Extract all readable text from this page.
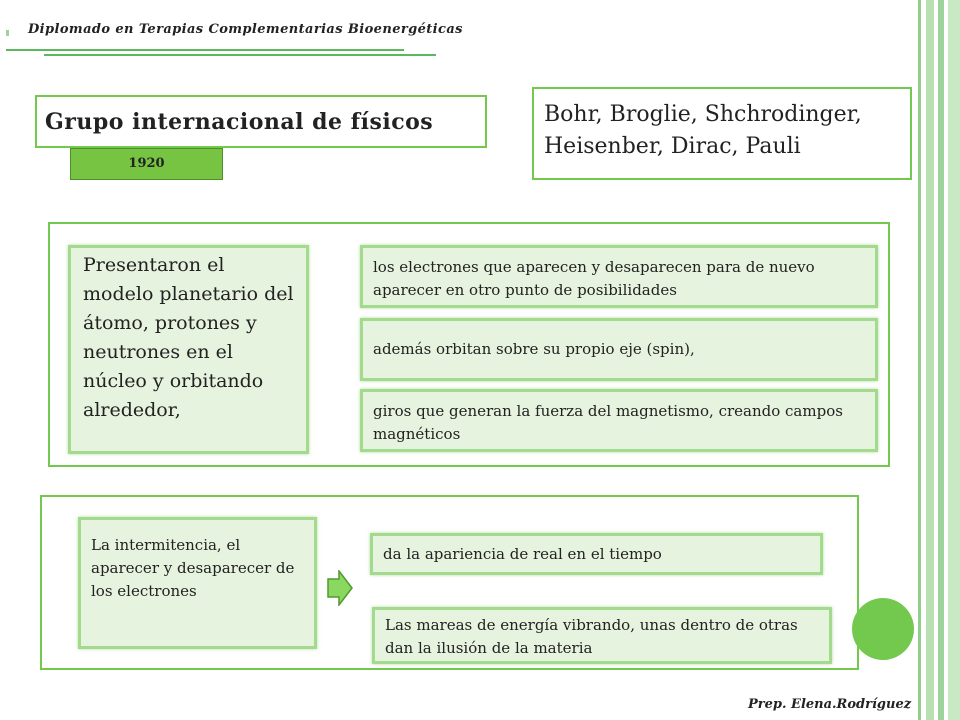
Diplomado en Terapias Complementarias Bioenergéticas
Grupo internacional de físicos
1920
Bohr, Broglie, Shchrodinger,
Heisenber, Dirac, Pauli
Presentaron el modelo planetario del átomo, protones y neutrones en el núcleo y orbitando alrededor,
los electrones que aparecen y desaparecen para de nuevo aparecer en otro punto de posibilidades
además orbitan sobre su propio eje (spin),
giros que generan la fuerza del magnetismo, creando campos magnéticos
La intermitencia, el aparecer y desaparecer de los electrones
da la apariencia de real en el tiempo
Las mareas de energía vibrando, unas dentro de otras dan la ilusión de la materia
Prep. Elena.Rodríguez
